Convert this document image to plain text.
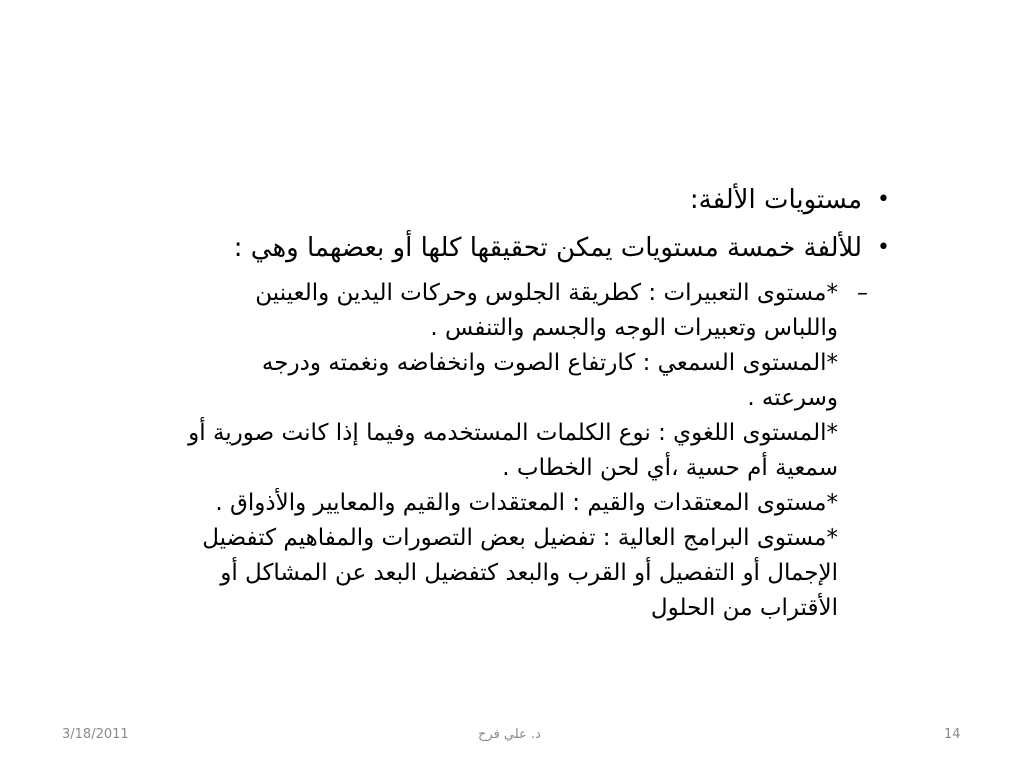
•
مستويات الألفة:
•
للألفة خمسة مستويات يمكن تحقيقها كلها أو بعضهما وهي :
–
*مستوى التعبيرات : كطريقة الجلوس وحركات اليدين والعينين
واللباس وتعبيرات الوجه والجسم والتنفس .
*المستوى السمعي : كارتفاع الصوت وانخفاضه ونغمته ودرجه
وسرعته .
*المستوى اللغوي : نوع الكلمات المستخدمه وفيما إذا كانت صورية أو
سمعية أم حسية ،أي لحن الخطاب .
*مستوى المعتقدات والقيم : المعتقدات والقيم والمعايير والأذواق .
*مستوى البرامج العالية : تفضيل بعض التصورات والمفاهيم كتفضيل
الإجمال أو التفصيل أو القرب والبعد كتفضيل البعد عن المشاكل أو
الأقتراب من الحلول
3/18/2011	د. علي فرح	14
